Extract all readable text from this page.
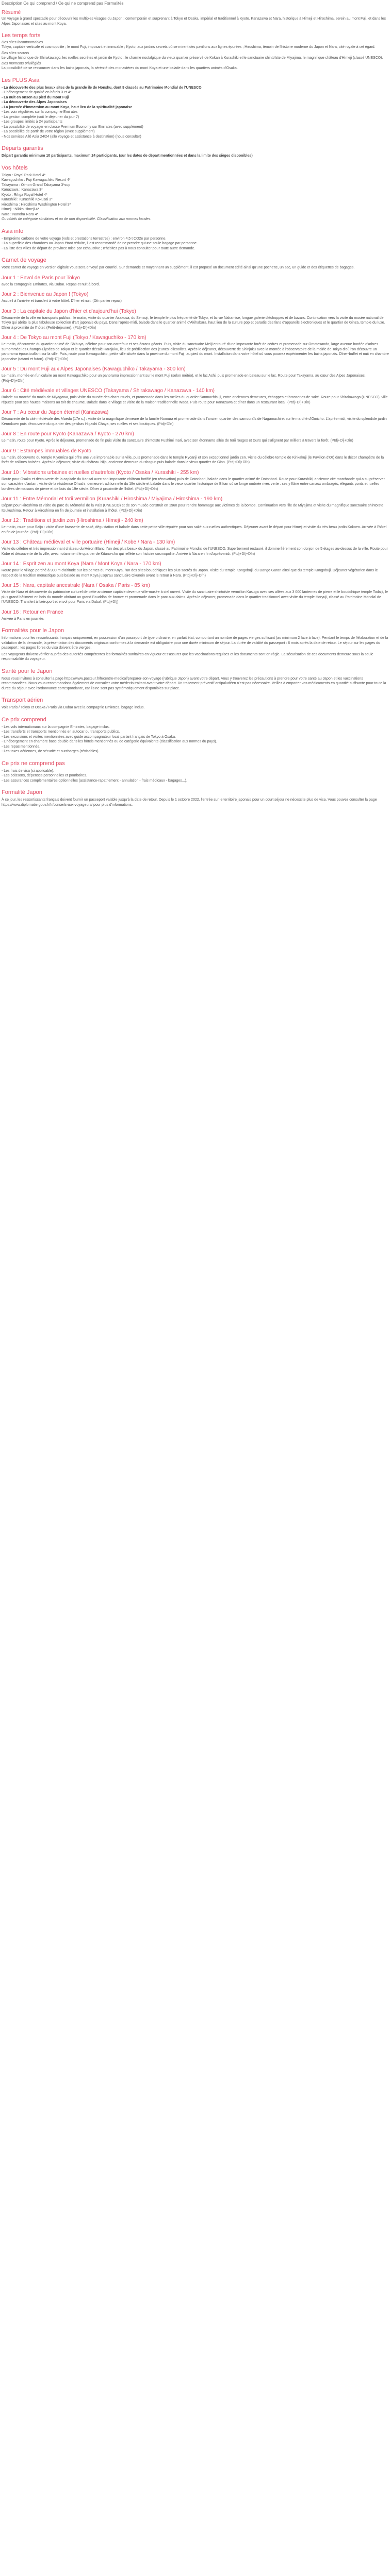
Description Ce qui comprend / Ce qui ne comprend pas Formalités
Résumé

Un voyage à grand spectacle pour découvrir les multiples visages du Japon : contemporain et surprenant à Tokyo et Osaka, impérial et traditionnel à Kyoto. Kanazawa et Nara, historique à Himeji et Hiroshima, serein au mont Fuji, et dans les Alpes Japonaises et sites au mont Koya.

Les temps forts
Des sites incontournables

Tokyo, capitale verticale et cosmopolite ; le mont Fuji, imposant et immuable ; Kyoto, aux jardins secrets où se mirent des pavillons aux lignes épurées ; Hiroshima, témoin de l'histoire moderne du Japon et Nara, cité royale à cet égard.

Des sites secrets

Le village historique de Shirakawago, les ruelles secrètes et jardin de Kyoto ; le charme nostalgique du vieux quartier préservé de Kokan à Kurashiki et le sanctuaire shintoïste de Miyajima, le magnifique château d'Himeji (classé UNESCO).

Des moments privilégiés

La possibilité de se ressourcer dans les bains japonais, la sérénité des monastères du mont Koya et une balade dans les quartiers animés d'Osaka.

Les PLUS Asia
- La découverte des plus beaux sites de la grande île de Honshu, dont 9 classés au Patrimoine Mondial de l'UNESCO
- L'hébergement de qualité en hôtels 3 et 4*
- La nuit en onsen au pied du mont Fuji
- La découverte des Alpes Japonaises
- La journée d'immersion au mont Koya, haut lieu de la spiritualité japonaise
- Les voix régulières sur la compagnie Emirates
- La gestion complète (soit le déjeuner du jour 7)
- Les groupes limités à 24 participants
- La possibilité de voyager en classe Premium Economy sur Emirates (avec supplément)
- La possibilité de partir de votre région (avec supplément)
- Nos services Allô Asia 24/24 (allo voyage et assistance à destination) (nous consulter)
Départs garantis

Départ garantis minimum 10 participants, maximum 24 participants. (sur les dates de départ mentionnées et dans la limite des sièges disponibles)

Vos hôtels
Tokyo : Royal Park Hotel 4*
Kawaguchiko : Fuji Kawaguchiko Resort 4*
Takayama : Oimon Grand Takayama 3*sup
Kanazawa : Kanazawa 3*
Kyoto : Rihga Royal Hotel 4*
Kurashiki : Kurashiki Kokusai 3*
Hiroshima : Hiroshima Washington Hotel 3*
Himeji : Nikko Himeji 4*
Nara : Nanoha Nara 4*
Ou hôtels de catégorie similaires et ou de non disponibilité. Classification aux normes locales.
Asia info
- Empreinte carbone de votre voyage (vols et prestations terrestres) : environ 4,5 t CO2e par personne.
- La superficie des chambres au Japon étant réduite, il est recommandé de ne prendre qu'une seule bagage par personne.
- La liste des villes de départ de province mise par exhaustive ; n'hésitez pas à nous consulter pour toute autre demande.
Carnet de voyage

Votre carnet de voyage en version digitale vous sera envoyé par courriel. Sur demande et moyennant un supplément, il est proposé un document édité ainsi qu'une pochette, un sac, un guide et des étiquettes de bagages.

Jour 1 : Envol de Paris pour Tokyo

avec la compagnie Emirates, via Dubaï. Repas et nuit à bord.

Jour 2 : Bienvenue au Japon ! (Tokyo)

Accueil à l'arrivée et transfert à votre hôtel. Dîner et nuit. (Dîn panier repas)

Jour 3 : La capitale du Japon d'hier et d'aujourd'hui (Tokyo)

Découverte de la ville en transports publics : le matin, visite du quartier Asakusa, du Sensoji, le temple le plus fréquenté de Tokyo, et la rue Nakamise, longue galerie d'échoppes et de bazars. Continuation vers la visite du musée national de Tokyo qui abrite la plus fabuleuse collection d'art japonais du pays. Dans l'après-midi, balade dans le quartier animé d'Akihabara, haut lieu de la culture pop et paradis des fans d'appareils électroniques et le quartier de Ginza, temple du luxe. Dîner à proximité de l'hôtel. (Petit-déjeuner). (Ptdj+Dîj+Dîn)

Jour 4 : De Tokyo au mont Fuji (Tokyo / Kawaguchiko - 170 km)

Le matin, découverte du quartier animé de Shibuya, célèbre pour son carrefour et ses écrans géants. Puis, visite du sanctuaire Meiji entouré d'une imposante forêt de cèdres et promenade sur Omotesando, large avenue bordée d'arbres surnommée les Champs-Élysées de Tokyo et le quartier décalé Harajuku, lieu de prédilection des jeunes lolicoolists. Après le déjeuner, découverte de Shinjuku avec la montée à l'observatoire de la mairie de Tokyo d'où l'on découvre un panorama époustouflant sur la ville. Puis, route pour Kawaguchiko, petite ville située dans la province du mont Fuji, au pied du mont. Installation dans votre hôtel où vous pourrez expérimenter les bains japonais. Dîner-buffet et nuit en chambre japonaise (tatami et futon). (Ptdj+Dîj+Dîn)

Jour 5 : Du mont Fuji aux Alpes Japonaises (Kawaguchiko / Takayama - 300 km)

Le matin, montée en funiculaire au mont Kawaguchiko pour un panorama impressionnant sur le mont Fuji (selon météo), et le lac Ashi, puis promenade en bateau sur le lac. Route pour Takayama, au cœur des Alpes Japonaises. (Ptdj+Dîj+Dîn)

Jour 6 : Cité médiévale et villages UNESCO (Takayama / Shirakawago / Kanazawa - 140 km)

Balade au marché du matin de Miyagawa, puis visite du musée des chars rituels, et promenade dans les ruelles du quartier Sanmachisuji, entre anciennes demeures, échoppes et brasseries de saké. Route pour Shirakawago (UNESCO), ville réputée pour ses hautes maisons au toit de chaume. Balade dans le village et visite de la maison traditionnelle Wada. Puis route pour Kanazawa et dîner dans un restaurant local. (Ptdj+Dîj+Dîn)

Jour 7 : Au cœur du Japon éternel (Kanazawa)

Découverte de la cité médiévale des Maeda (17e s.) : visite de la magnifique demeure de la famille Nomura et promenade dans l'ancien quartier des samouraïs de Nagamachi et sur le marché d'Omicho. L'après-midi, visite du splendide jardin Kenrokuen puis découverte du quartier des geishas Higashi Chaya, ses ruelles et ses boutiques. (Ptdj+Dîn)

Jour 8 : En route pour Kyoto (Kanazawa / Kyoto - 270 km)

Le matin, route pour Kyoto. Après le déjeuner, promenade de fin puis visite du sanctuaire shintoïste Fushimi Inari, avec son étonnante allée de torii rouges et tours qui s'alignent par milliers à travers la forêt. (Ptdj+Dîj+Dîn)

Jour 9 : Estampes immuables de Kyoto

La matin, découverte du temple Kiyomizu qui offre une vue imprenable sur la ville, puis promenade dans le temple Ryoanji et son exceptionnel jardin zen. Visite du célèbre temple de Kinkakuji (le Pavillon d'Or) dans le décor champêtre de la forêt de collines boisées. Après le déjeuner, visite du château Nijo, ancienne demeure du shogun puis balade dans le vieux quartier de Gion. (Ptdj+Dîj+Dîn)

Jour 10 : Vibrations urbaines et ruelles d'autrefois (Kyoto / Osaka / Kurashiki - 255 km)

Route pour Osaka et découverte de la capitale du Kansai avec son imposante château fortifié (en rénovation) puis de Dotonbori, balade dans le quartier animé de Dotonbori. Route pour Kurashiki, ancienne cité marchande qui a su préserver son caractère d'antan ; visite de la résidence Ohashi, demeure traditionnelle du 18e siècle et balade dans le vieux quartier historique de Bikan où se longe ombrée rives verte : ses y flâne entre canaux ombragés, élégants ponts et ruelles bordées de maisons de pierre et de bois du 19e siècle. Dîner à proximité de l'hôtel. (Ptdj+Dîj+Dîn)

Jour 11 : Entre Mémorial et torii vermillon (Kurashiki / Hiroshima / Miyajima / Hiroshima - 190 km)

Départ pour Hiroshima et visite du parc du Mémorial de la Paix (UNESCO) et de son musée construit en 1960 pour rendre hommage aux victimes de la bombe. Continuation vers l'île de Miyajima et visite du magnifique sanctuaire shintoïste Itsukushima. Retour à Hiroshima en fin de journée et installation à l'hôtel. (Ptdj+Dîj+Dîn)

Jour 12 : Traditions et jardin zen (Hiroshima / Himeji - 240 km)

Le matin, route pour Saijo : visite d'une brasserie de saké, dégustation et balade dans cette petite ville réputée pour son saké aux ruelles authentiques. Déjeuner avant le départ pour Himeji et visite du très beau jardin Kokoen. Arrivée à l'hôtel en fin de journée. (Ptdj+Dîj+Dîn)

Jour 13 : Château médiéval et ville portuaire (Himeji / Kobe / Nara - 130 km)

Visite du célèbre et très impressionnant château du Héron Blanc, l'un des plus beaux du Japon, classé au Patrimoine Mondial de l'UNESCO. Superbement restauré, il domine fièrement son donjon de 5 étages au-dessus de la ville. Route pour Kobe et découverte de la ville, avec notamment le quartier de Kitano-cho qui reflète son histoire cosmopolite. Arrivée à Nara en fin d'après-midi. (Ptdj+Dîj+Dîn)

Jour 14 : Esprit zen au mont Koya (Nara / Mont Koya / Nara - 170 km)

Route pour le village perché à 900 m d'altitude sur les pentes du mont Koya, l'un des sites bouddhiques les plus sacrés du Japon. Visite du temple Kongobuji, du Dango Garan ainsi que du temple Kongobuji. Déjeuner végétarien dans le respect de la tradition monastique puis balade au mont Koya jusqu'au sanctuaire Okunoin avant le retour à Nara. (Ptdj+Dîj+Dîn)

Jour 15 : Nara, capitale ancestrale (Nara / Osaka / Paris - 85 km)

Visite de Nara et découverte du patrimoine culturel de cette ancienne capitale devenue ville-musée à ciel ouvert. Visite du sanctuaire shintoïste vermillon Kasuga avec ses allées aux 3 000 lanternes de pierre et le bouddhique temple Todaiji, le plus grand bâtiment en bois du monde abritant un grand Bouddha de bronze et promenade dans le parc aux daims. Après le déjeuner, promenade dans le quartier traditionnel avec visite du temple Horyuji, classé au Patrimoine Mondial de l'UNESCO. Transfert à l'aéroport et envol pour Paris via Dubaï. (Ptdj+Dîj)

Jour 16 : Retour en France

Arrivée à Paris en journée.

Formalités pour le Japon

Informations pour les ressortissants français uniquement, en possession d'un passeport de type ordinaire, en parfait état, comportant un nombre de pages vierges suffisant (au minimum 2 face à face). Pendant le temps de l'élaboration et de la validation de la demande, la présentation des documents originaux conformes à la demande est obligatoire pour une durée minimum de séjour. La durée de validité du passeport : 6 mois après la date de retour. Le séjour sur les pages du passeport : les pages libres du visa doivent être vierges.

Les voyageurs doivent vérifier auprès des autorités compétentes les formalités sanitaires en vigueur et s'assurer que les vaccinations requises et les documents sont en règle. La sécurisation de ces documents demeure sous la seule responsabilité du voyageur.

Santé pour le Japon

Nous vous invitons à consulter la page https://www.pasteur.fr/fr/centre-medical/preparer-son-voyage (rubrique Japon) avant votre départ. Vous y trouverez les précautions à prendre pour votre santé au Japon et les vaccinations recommandées. Nous vous recommandons également de consulter votre médecin traitant avant votre départ. Un traitement préventif antipaludéen n'est pas nécessaire. Veillez à emporter vos médicaments en quantité suffisante pour toute la durée du séjour avec l'ordonnance correspondante, car ils ne sont pas systématiquement disponibles sur place.

Transport aérien

Vols Paris / Tokyo et Osaka / Paris via Dubaï avec la compagnie Emirates, bagage inclus.

Ce prix comprend
- Les vols internationaux sur la compagnie Emirates, bagage inclus.
- Les transferts et transports mentionnés en autocar ou transports publics.
- Les excursions et visites mentionnées avec guide accompagnateur local parlant français de Tokyo à Osaka.
- L'hébergement en chambre base double dans les hôtels mentionnés ou de catégorie équivalente (classification aux normes du pays).
- Les repas mentionnés.
- Les taxes aériennes, de sécurité et surcharges (révisables).
Ce prix ne comprend pas
- Les frais de visa (si applicable).
- Les boissons, dépenses personnelles et pourboires.
- Les assurances complémentaires optionnelles (assistance-rapatriement - annulation - frais médicaux - bagages...).
Formalité Japon

À ce jour, les ressortissants français doivent fournir un passeport valable jusqu'à la date de retour. Depuis le 1 octobre 2022, l'entrée sur le territoire japonais pour un court séjour ne nécessite plus de visa. Vous pouvez consulter la page https://www.diplomatie.gouv.fr/fr/conseils-aux-voyageurs/ pour plus d'informations.
